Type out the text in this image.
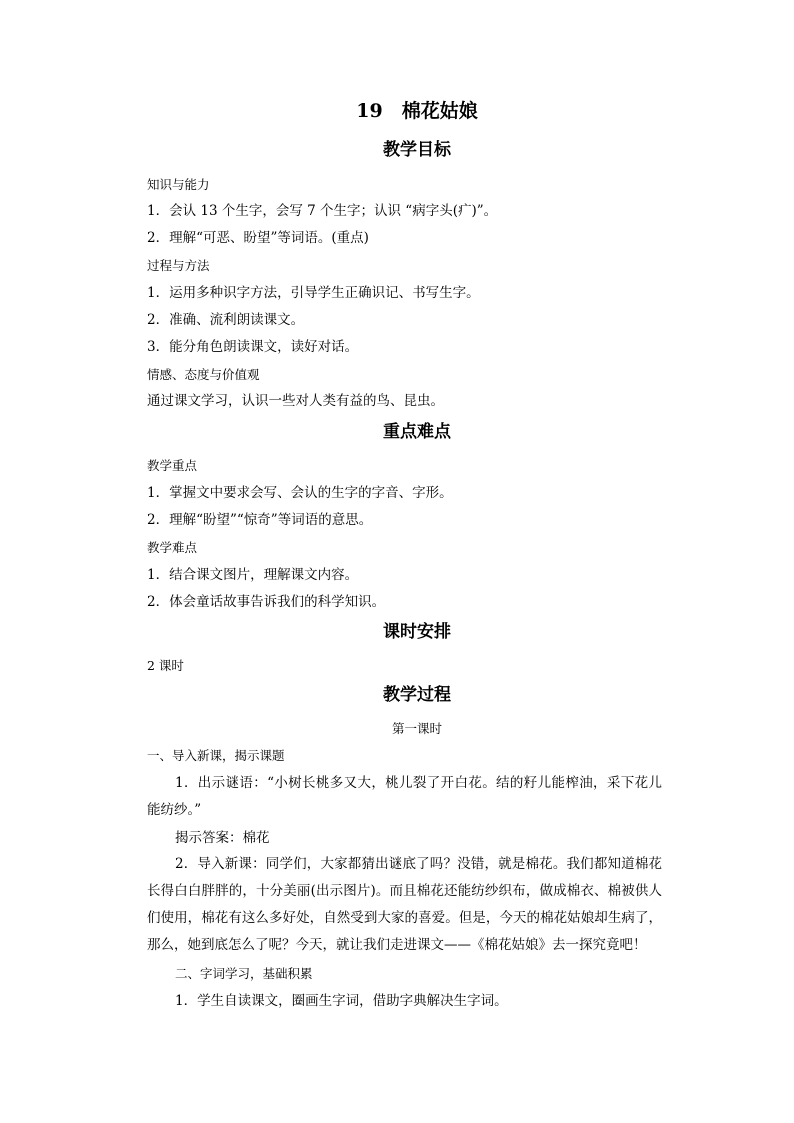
19　棉花姑娘
教学目标
知识与能力
1．会认 13 个生字，会写 7 个生字；认识 “病字头(疒)”。
2．理解“可恶、盼望”等词语。(重点)
过程与方法
1．运用多种识字方法，引导学生正确识记、书写生字。
2．准确、流利朗读课文。
3．能分角色朗读课文，读好对话。
情感、态度与价值观
通过课文学习，认识一些对人类有益的鸟、昆虫。
重点难点
教学重点
1．掌握文中要求会写、会认的生字的字音、字形。
2．理解“盼望”“惊奇”等词语的意思。
教学难点
1．结合课文图片，理解课文内容。
2．体会童话故事告诉我们的科学知识。
课时安排
2 课时
教学过程
第一课时
一、导入新课，揭示课题
1．出示谜语：“小树长桃多又大，桃儿裂了开白花。结的籽儿能榨油，采下花儿能纺纱。”
揭示答案：棉花
2．导入新课：同学们，大家都猜出谜底了吗？没错，就是棉花。我们都知道棉花长得白白胖胖的，十分美丽(出示图片)。而且棉花还能纺纱织布，做成棉衣、棉被供人们使用，棉花有这么多好处，自然受到大家的喜爱。但是，今天的棉花姑娘却生病了，那么，她到底怎么了呢？今天，就让我们走进课文——《棉花姑娘》去一探究竟吧！
二、字词学习，基础积累
1．学生自读课文，圈画生字词，借助字典解决生字词。
